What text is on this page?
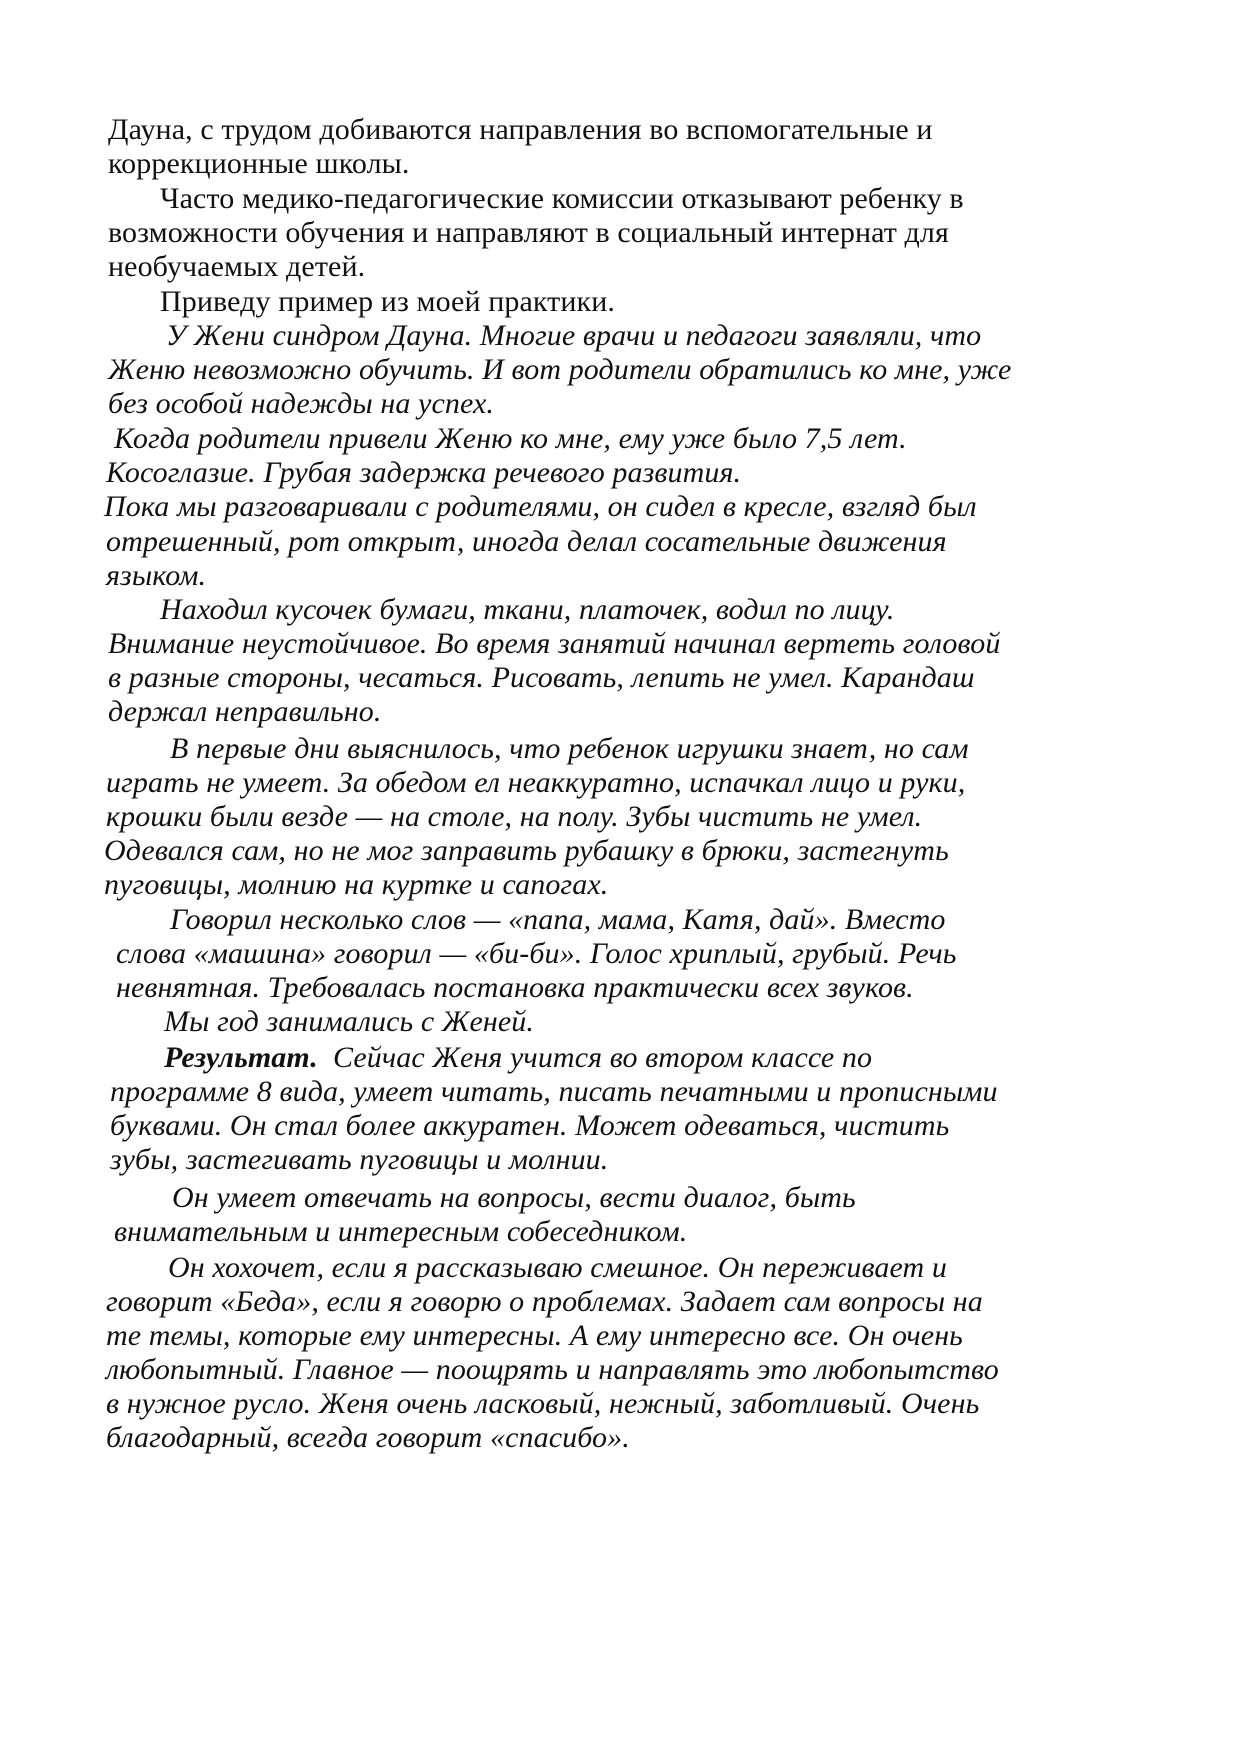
Дауна, с трудом добиваются направления во вспомогательные и
коррекционные школы.
Часто медико-педагогические комиссии отказывают ребенку в
возможности обучения и направляют в социальный интернат для
необучаемых детей.
Приведу пример из моей практики.
У Жени синдром Дауна. Многие врачи и педагоги заявляли, что
Женю невозможно обучить. И вот родители обратились ко мне, уже
без особой надежды на успех.
Когда родители привели Женю ко мне, ему уже было 7,5 лет.
Косоглазие. Грубая задержка речевого развития.
Пока мы разговаривали с родителями, он сидел в кресле, взгляд был
отрешенный, рот открыт, иногда делал сосательные движения
языком.
Находил кусочек бумаги, ткани, платочек, водил по лицу.
Внимание неустойчивое. Во время занятий начинал вертеть головой
в разные стороны, чесаться. Рисовать, лепить не умел. Карандаш
держал неправильно.
В первые дни выяснилось, что ребенок игрушки знает, но сам
играть не умеет. За обедом ел неаккуратно, испачкал лицо и руки,
крошки были везде — на столе, на полу. Зубы чистить не умел.
Одевался сам, но не мог заправить рубашку в брюки, застегнуть
пуговицы, молнию на куртке и сапогах.
Говорил несколько слов — «папа, мама, Катя, дай». Вместо
слова «машина» говорил — «би-би». Голос хриплый, грубый. Речь
невнятная. Требовалась постановка практически всех звуков.
Мы год занимались с Женей.
Результат. Сейчас Женя учится во втором классе по
программе 8 вида, умеет читать, писать печатными и прописными
буквами. Он стал более аккуратен. Может одеваться, чистить
зубы, застегивать пуговицы и молнии.
Он умеет отвечать на вопросы, вести диалог, быть
внимательным и интересным собеседником.
Он хохочет, если я рассказываю смешное. Он переживает и
говорит «Беда», если я говорю о проблемах. Задает сам вопросы на
те темы, которые ему интересны. А ему интересно все. Он очень
любопытный. Главное — поощрять и направлять это любопытство
в нужное русло. Женя очень ласковый, нежный, заботливый. Очень
благодарный, всегда говорит «спасибо».
